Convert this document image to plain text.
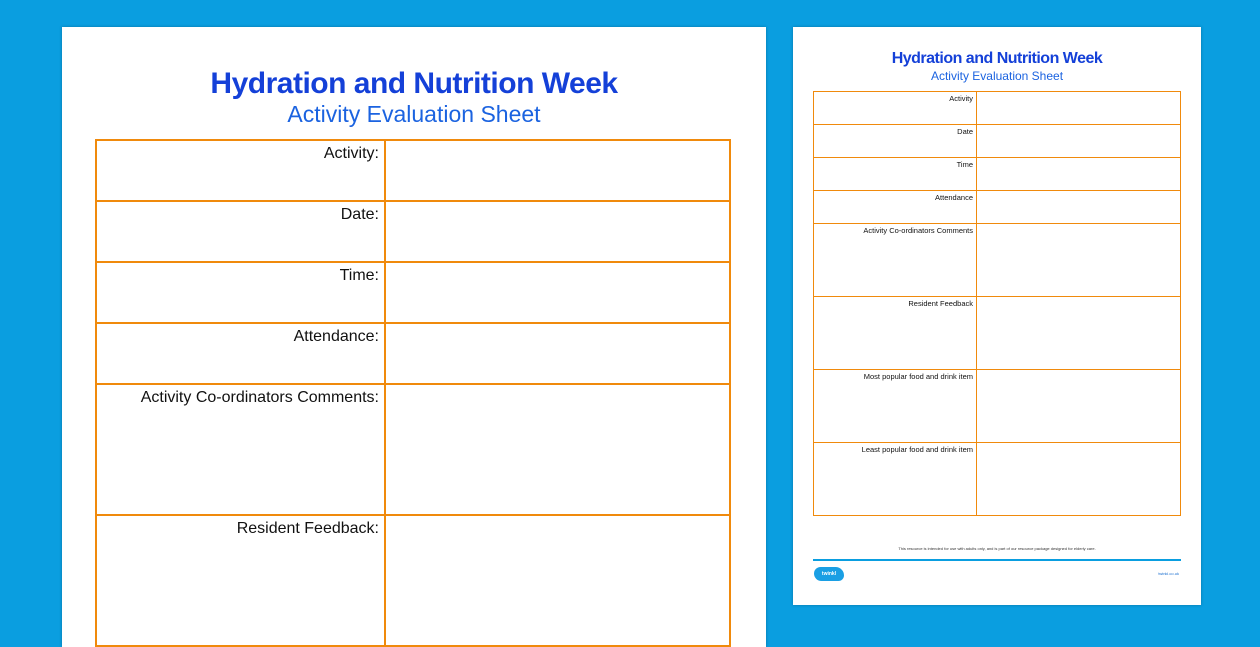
Hydration and Nutrition Week
Activity Evaluation Sheet
Activity:	
Date:	
Time:	
Attendance:	
Activity Co-ordinators Comments:	
Resident Feedback:	
Hydration and Nutrition Week
Activity Evaluation Sheet
Activity	
Date	
Time	
Attendance	
Activity Co-ordinators Comments	
Resident Feedback	
Most popular food and drink item	
Least popular food and drink item	
This resource is intended for use with adults only, and is part of our resource package designed for elderly care.
twinkl	twinkl.co.uk
